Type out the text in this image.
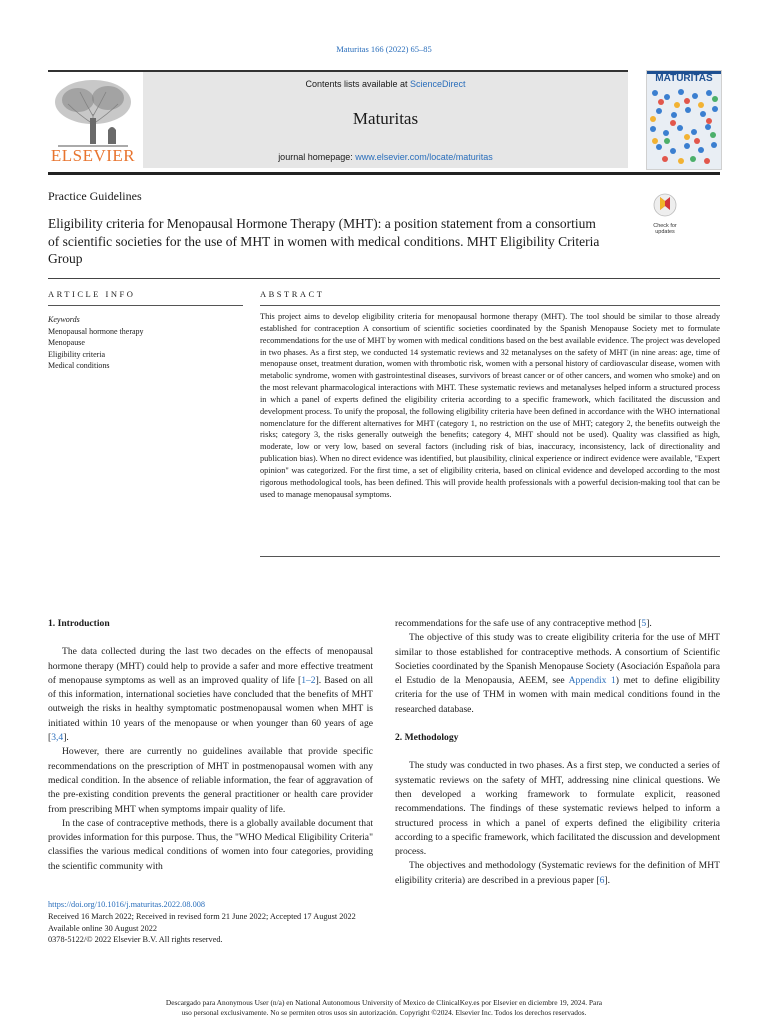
Maturitas 166 (2022) 65–85
ELSEVIER
Contents lists available at ScienceDirect
Maturitas
journal homepage: www.elsevier.com/locate/maturitas
MATURITAS
Practice Guidelines
Eligibility criteria for Menopausal Hormone Therapy (MHT): a position statement from a consortium of scientific societies for the use of MHT in women with medical conditions. MHT Eligibility Criteria Group
Check for updates
ARTICLE INFO	ABSTRACT
Keywords
Menopausal hormone therapy
Menopause
Eligibility criteria
Medical conditions
This project aims to develop eligibility criteria for menopausal hormone therapy (MHT). The tool should be similar to those already established for contraception A consortium of scientific societies coordinated by the Spanish Menopause Society met to formulate recommendations for the use of MHT by women with medical conditions based on the best available evidence. The project was developed in two phases. As a first step, we conducted 14 systematic reviews and 32 metanalyses on the safety of MHT (in nine areas: age, time of menopause onset, treatment duration, women with thrombotic risk, women with a personal history of cardiovascular disease, women with metabolic syndrome, women with gastrointestinal diseases, survivors of breast cancer or of other cancers, and women who smoke) and on the most relevant pharmacological interactions with MHT. These systematic reviews and metanalyses helped inform a structured process in which a panel of experts defined the eligibility criteria according to a specific framework, which facilitated the discussion and development process. To unify the proposal, the following eligibility criteria have been defined in accordance with the WHO international nomenclature for the different alternatives for MHT (category 1, no restriction on the use of MHT; category 2, the benefits outweigh the risks; category 3, the risks generally outweigh the benefits; category 4, MHT should not be used). Quality was classified as high, moderate, low or very low, based on several factors (including risk of bias, inaccuracy, inconsistency, lack of directionality and publication bias). When no direct evidence was identified, but plausibility, clinical experience or indirect evidence were available, "Expert opinion" was categorized. For the first time, a set of eligibility criteria, based on clinical evidence and developed according to the most rigorous methodological tools, has been defined. This will provide health professionals with a powerful decision-making tool that can be used to manage menopausal symptoms.
1. Introduction

The data collected during the last two decades on the effects of menopausal hormone therapy (MHT) could help to provide a safer and more effective treatment of menopause symptoms as well as an improved quality of life [1–2]. Based on all of this information, international societies have concluded that the benefits of MHT outweigh the risks in healthy symptomatic postmenopausal women when MHT is initiated within 10 years of the menopause or when younger than 60 years of age [3,4].

However, there are currently no guidelines available that provide specific recommendations on the prescription of MHT in postmenopausal women with any medical condition. In the absence of reliable information, the fear of aggravation of the pre-existing condition prevents the general practitioner or health care provider from prescribing MHT when symptoms impair quality of life.

In the case of contraceptive methods, there is a globally available document that provides information for this purpose. Thus, the "WHO Medical Eligibility Criteria" classifies the various medical conditions of women into four categories, providing the scientific community with

recommendations for the safe use of any contraceptive method [5].

The objective of this study was to create eligibility criteria for the use of MHT similar to those established for contraceptive methods. A consortium of Scientific Societies coordinated by the Spanish Menopause Society (Asociación Española para el Estudio de la Menopausia, AEEM, see Appendix 1) met to define eligibility criteria for the use of THM in women with main medical conditions found in the researched database.

2. Methodology

The study was conducted in two phases. As a first step, we conducted a series of systematic reviews on the safety of MHT, addressing nine clinical questions. We then developed a working framework to formulate explicit, reasoned recommendations. The findings of these systematic reviews helped to inform a structured process in which a panel of experts defined the eligibility criteria according to a specific framework, which facilitated the discussion and development process.

The objectives and methodology (Systematic reviews for the definition of MHT eligibility criteria) are described in a previous paper [6].

https://doi.org/10.1016/j.maturitas.2022.08.008
Received 16 March 2022; Received in revised form 21 June 2022; Accepted 17 August 2022
Available online 30 August 2022
0378-5122/© 2022 Elsevier B.V. All rights reserved.
Descargado para Anonymous User (n/a) en National Autonomous University of Mexico de ClinicalKey.es por Elsevier en diciembre 19, 2024. Para
uso personal exclusivamente. No se permiten otros usos sin autorización. Copyright ©2024. Elsevier Inc. Todos los derechos reservados.
